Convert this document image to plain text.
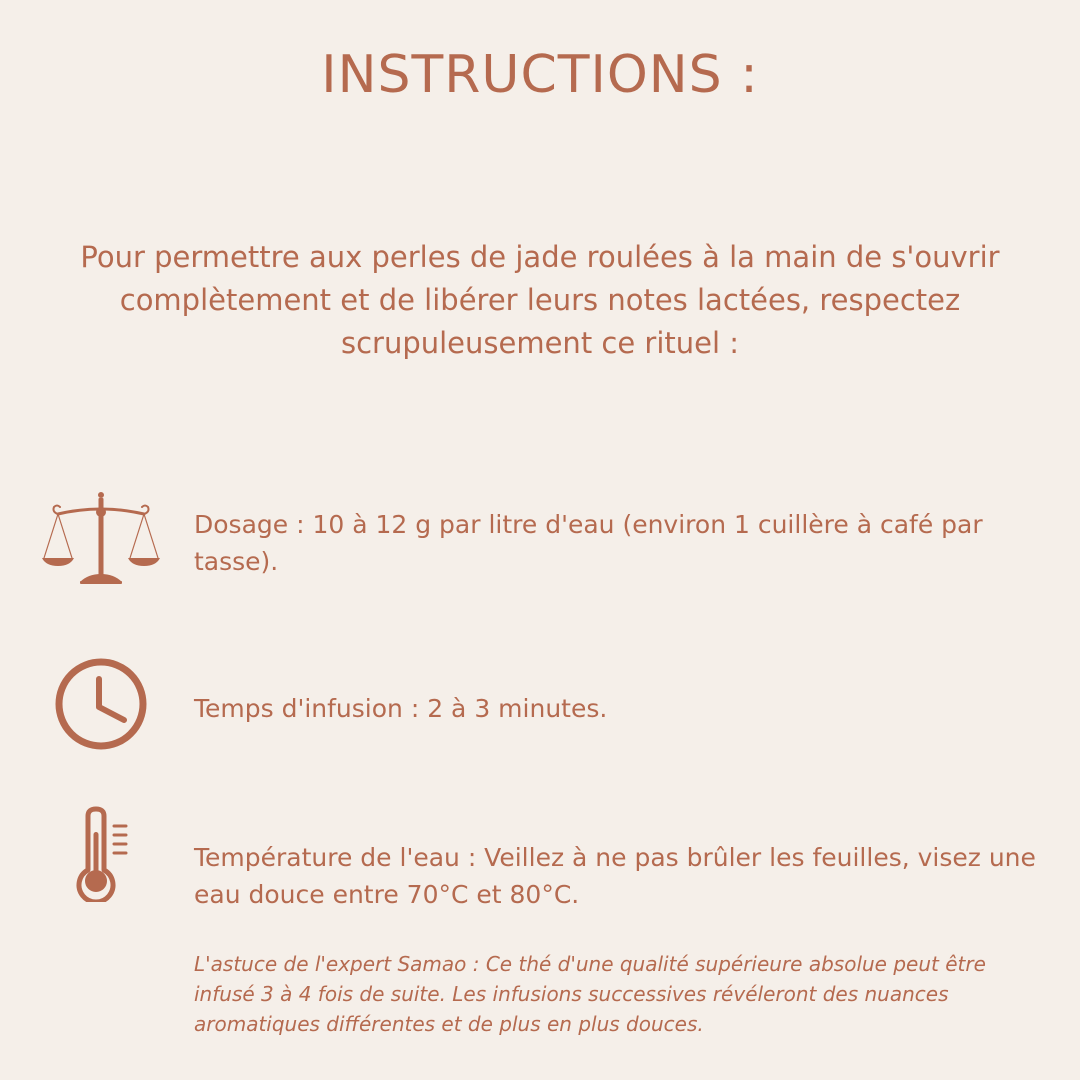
INSTRUCTIONS :

Pour permettre aux perles de jade roulées à la main de s'ouvrir complètement et de libérer leurs notes lactées, respectez scrupuleusement ce rituel :

Dosage : 10 à 12 g par litre d'eau (environ 1 cuillère à café par tasse).

Temps d'infusion : 2 à 3 minutes.

Température de l'eau : Veillez à ne pas brûler les feuilles, visez une eau douce entre 70°C et 80°C.

L'astuce de l'expert Samao : Ce thé d'une qualité supérieure absolue peut être infusé 3 à 4 fois de suite. Les infusions successives révéleront des nuances aromatiques différentes et de plus en plus douces.
